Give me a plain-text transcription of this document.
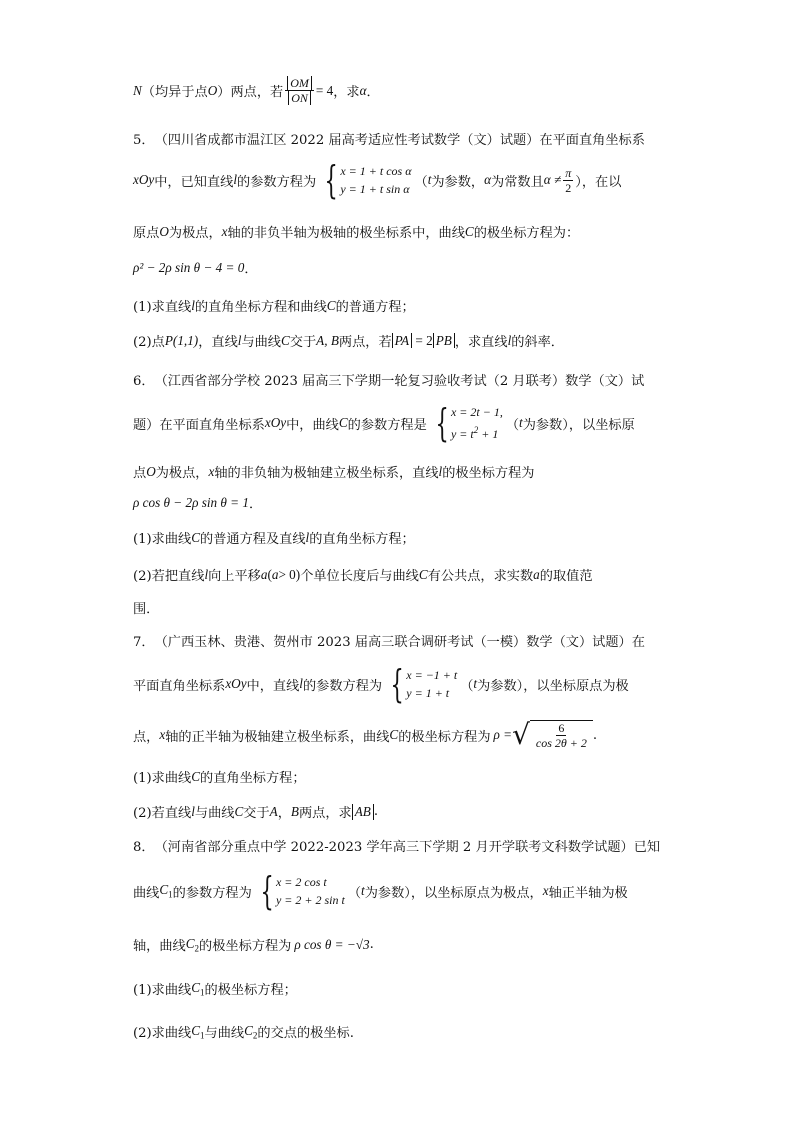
N （均异于点 O ）两点，若 $\frac{OM}{ON} = 4$ ，求 α ．
5． （四川省成都市温江区 2022 届高考适应性考试数学（文）试题）在平面直角坐标系
xOy 中，已知直线 l 的参数方程为 { x = 1 + t cos α
y = 1 + t sin α （ t 为参数， α 为常数且 $\alpha \ne \frac{\pi}{2}$ ），在以
原点 O 为极点， x 轴的非负半轴为极轴的极坐标系中，曲线 C 的极坐标方程为：
ρ² − 2ρ sin θ − 4 = 0 ．
(1)求直线 l 的直角坐标方程和曲线 C 的普通方程；
(2)点 P(1,1) ，直线 l 与曲线 C 交于 A, B 两点，若 PA = 2 PB ，求直线 l 的斜率．
6． （江西省部分学校 2023 届高三下学期一轮复习验收考试（2 月联考）数学（文）试
题）在平面直角坐标系 xOy 中，曲线 C 的参数方程是 { x = 2t − 1,
$y = t^2 + 1$
（ t 为参数），以坐标原
点 O 为极点， x 轴的非负轴为极轴建立极坐标系，直线 l 的极坐标方程为
ρ cos θ − 2ρ sin θ = 1 ．
(1)求曲线 C 的普通方程及直线 l 的直角坐标方程；
(2)若把直线 l 向上平移 a ( a > 0) 个单位长度后与曲线 C 有公共点，求实数 a 的取值范
围．
7． （广西玉林、贵港、贺州市 2023 届高三联合调研考试（一模）数学（文）试题）在
平面直角坐标系 xOy 中，直线 l 的参数方程为 { x = −1 + t
y = 1 + t （ t 为参数），以坐标原点为极
点， x 轴的正半轴为极轴建立极坐标系，曲线 C 的极坐标方程为 ρ = √ $\frac{6}{\cos 2\theta + 2}$ .
(1)求曲线 C 的直角坐标方程；
(2)若直线 l 与曲线 C 交于 A ， B 两点，求 AB .
8． （河南省部分重点中学 2022-2023 学年高三下学期 2 月开学联考文科数学试题）已知
曲线 $C_1$ 的参数方程为 { x = 2 cos t
y = 2 + 2 sin t （ t 为参数），以坐标原点为极点， x 轴正半轴为极
轴，曲线 $C_2$ 的极坐标方程为 ρ cos θ = −√3 .
(1)求曲线 $C_1$ 的极坐标方程；
(2)求曲线 $C_1$ 与曲线 $C_2$ 的交点的极坐标.
